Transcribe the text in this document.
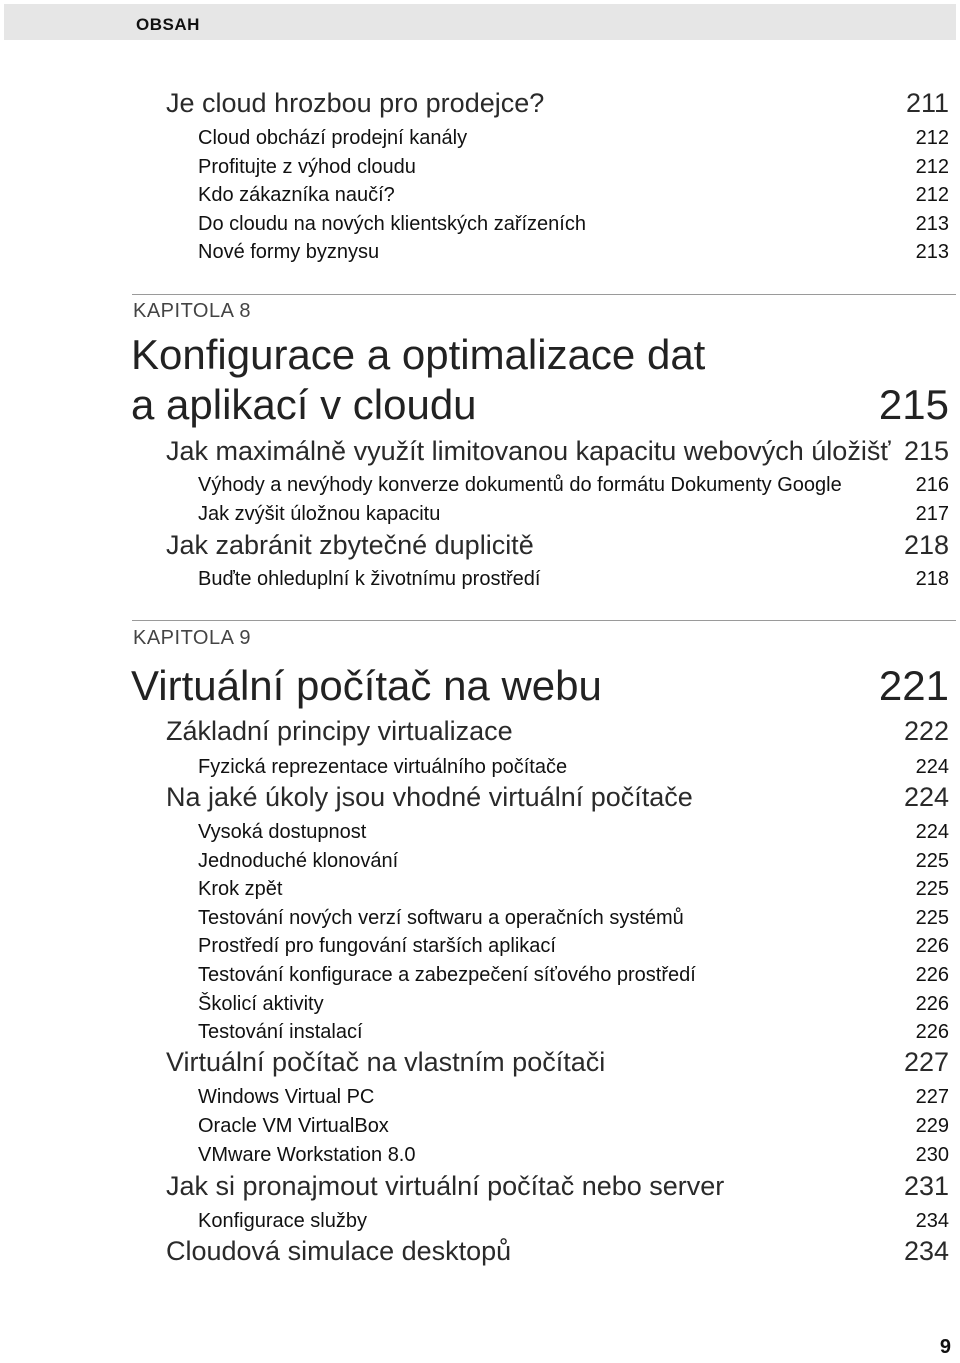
OBSAH
Je cloud hrozbou pro prodejce?	211
Cloud obchází prodejní kanály	212
Profitujte z výhod cloudu	212
Kdo zákazníka naučí?	212
Do cloudu na nových klientských zařízeních	213
Nové formy byznysu	213
KAPITOLA 8
Konfigurace a optimalizace dat
a aplikací v cloudu	215
Jak maximálně využít limitovanou kapacitu webových úložišť 215
Výhody a nevýhody konverze dokumentů do formátu Dokumenty Google	216
Jak zvýšit úložnou kapacitu	217
Jak zabránit zbytečné duplicitě	218
Buďte ohleduplní k životnímu prostředí	218
KAPITOLA 9
Virtuální počítač na webu	221
Základní principy virtualizace	222
Fyzická reprezentace virtuálního počítače	224
Na jaké úkoly jsou vhodné virtuální počítače	224
Vysoká dostupnost	224
Jednoduché klonování	225
Krok zpět	225
Testování nových verzí softwaru a operačních systémů	225
Prostředí pro fungování starších aplikací	226
Testování konfigurace a zabezpečení síťového prostředí	226
Školicí aktivity	226
Testování instalací	226
Virtuální počítač na vlastním počítači	227
Windows Virtual PC	227
Oracle VM VirtualBox	229
VMware Workstation 8.0	230
Jak si pronajmout virtuální počítač nebo server	231
Konfigurace služby	234
Cloudová simulace desktopů	234
9
